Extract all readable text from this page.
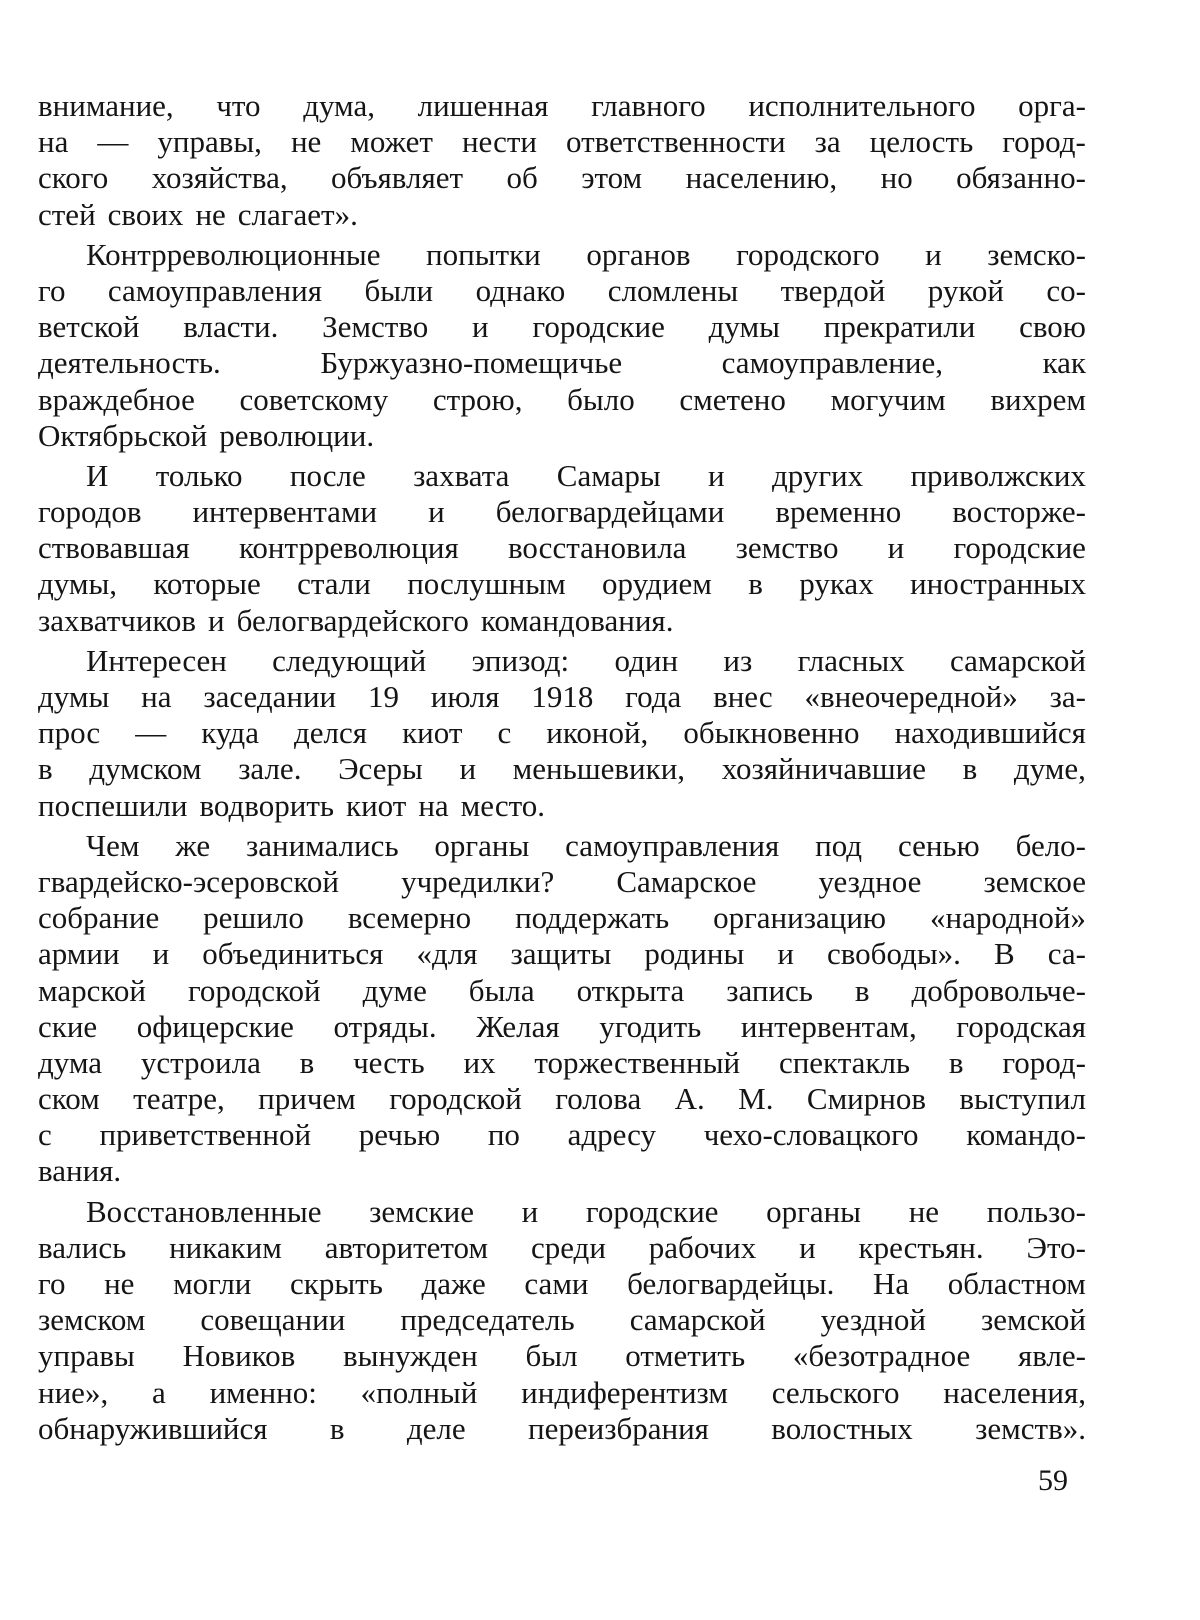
внимание, что дума, лишенная главного исполнительного орга-
на — управы, не может нести ответственности за целость город-
ского хозяйства, объявляет об этом населению, но обязанно-
стей своих не слагает».
Контрреволюционные попытки органов городского и земско-
го самоуправления были однако сломлены твердой рукой со-
ветской власти. Земство и городские думы прекратили свою
деятельность.	Буржуазно-помещичье	самоуправление,	как
враждебное советскому строю, было сметено могучим вихрем
Октябрьской революции.
И только после захвата Самары и других приволжских
городов интервентами и белогвардейцами временно восторже-
ствовавшая контрреволюция восстановила земство и городские
думы, которые стали послушным орудием в руках иностранных
захватчиков и белогвардейского командования.
Интересен следующий эпизод: один из гласных самарской
думы на заседании 19 июля 1918 года внес «внеочередной» за-
прос — куда делся киот с иконой, обыкновенно находившийся
в думском зале. Эсеры и меньшевики, хозяйничавшие в думе,
поспешили водворить киот на место.
Чем же занимались органы самоуправления под сенью бело-
гвардейско-эсеровской учредилки? Самарское уездное земское
собрание решило всемерно поддержать организацию «народной»
армии и объединиться «для защиты родины и свободы». В са-
марской городской думе была открыта запись в добровольче-
ские офицерские отряды. Желая угодить интервентам, городская
дума устроила в честь их торжественный спектакль в город-
ском театре, причем городской голова А. М. Смирнов выступил
с приветственной речью по адресу чехо-словацкого командо-
вания.
Восстановленные земские и городские органы не пользо-
вались никаким авторитетом среди рабочих и крестьян. Это-
го не могли скрыть даже сами белогвардейцы. На областном
земском совещании председатель самарской уездной земской
управы Новиков вынужден был отметить «безотрадное явле-
ние», а именно: «полный индиферентизм сельского населения,
обнаружившийся в деле переизбрания волостных земств».
59
